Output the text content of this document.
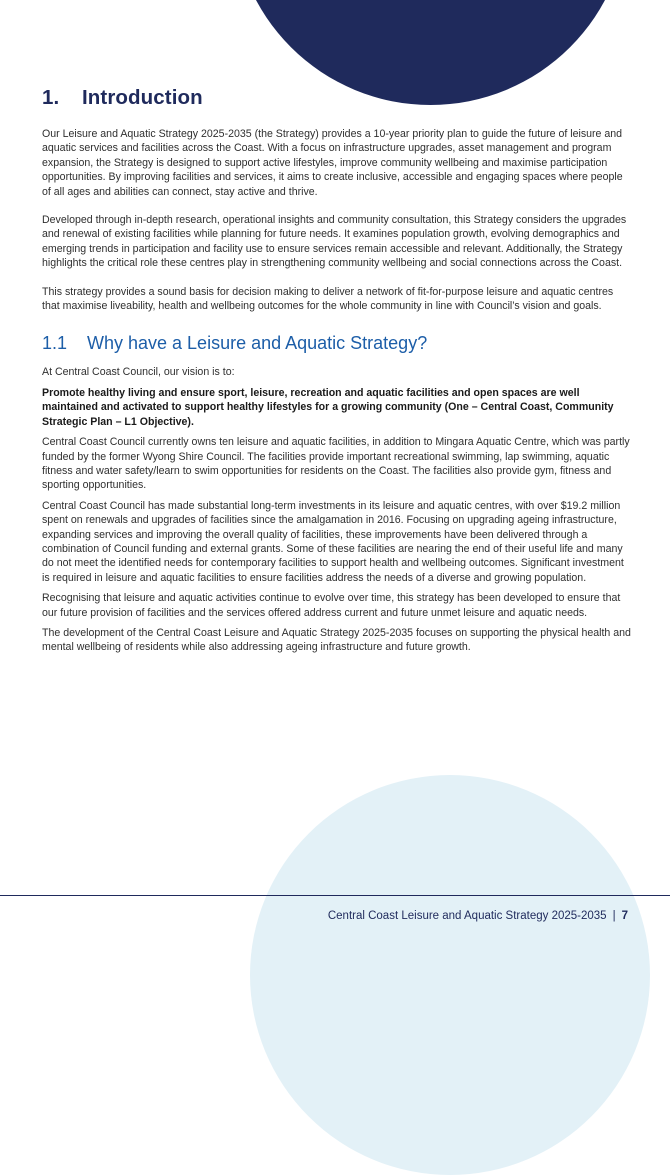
1. Introduction

Our Leisure and Aquatic Strategy 2025-2035 (the Strategy) provides a 10-year priority plan to guide the future of leisure and aquatic services and facilities across the Coast. With a focus on infrastructure upgrades, asset management and program expansion, the Strategy is designed to support active lifestyles, improve community wellbeing and maximise participation opportunities. By improving facilities and services, it aims to create inclusive, accessible and engaging spaces where people of all ages and abilities can connect, stay active and thrive.

Developed through in-depth research, operational insights and community consultation, this Strategy considers the upgrades and renewal of existing facilities while planning for future needs. It examines population growth, evolving demographics and emerging trends in participation and facility use to ensure services remain accessible and relevant. Additionally, the Strategy highlights the critical role these centres play in strengthening community wellbeing and social connections across the Coast.

This strategy provides a sound basis for decision making to deliver a network of fit-for-purpose leisure and aquatic centres that maximise liveability, health and wellbeing outcomes for the whole community in line with Council’s vision and goals.

1.1 Why have a Leisure and Aquatic Strategy?

At Central Coast Council, our vision is to:

Promote healthy living and ensure sport, leisure, recreation and aquatic facilities and open spaces are well maintained and activated to support healthy lifestyles for a growing community (One – Central Coast, Community Strategic Plan – L1 Objective).

Central Coast Council currently owns ten leisure and aquatic facilities, in addition to Mingara Aquatic Centre, which was partly funded by the former Wyong Shire Council. The facilities provide important recreational swimming, lap swimming, aquatic fitness and water safety/learn to swim opportunities for residents on the Coast. The facilities also provide gym, fitness and sporting opportunities.

Central Coast Council has made substantial long-term investments in its leisure and aquatic centres, with over $19.2 million spent on renewals and upgrades of facilities since the amalgamation in 2016. Focusing on upgrading ageing infrastructure, expanding services and improving the overall quality of facilities, these improvements have been delivered through a combination of Council funding and external grants. Some of these facilities are nearing the end of their useful life and many do not meet the identified needs for contemporary facilities to support health and wellbeing outcomes. Significant investment is required in leisure and aquatic facilities to ensure facilities address the needs of a diverse and growing population.

Recognising that leisure and aquatic activities continue to evolve over time, this strategy has been developed to ensure that our future provision of facilities and the services offered address current and future unmet leisure and aquatic needs.

The development of the Central Coast Leisure and Aquatic Strategy 2025-2035 focuses on supporting the physical health and mental wellbeing of residents while also addressing ageing infrastructure and future growth.

Central Coast Leisure and Aquatic Strategy 2025-2035 | 7
